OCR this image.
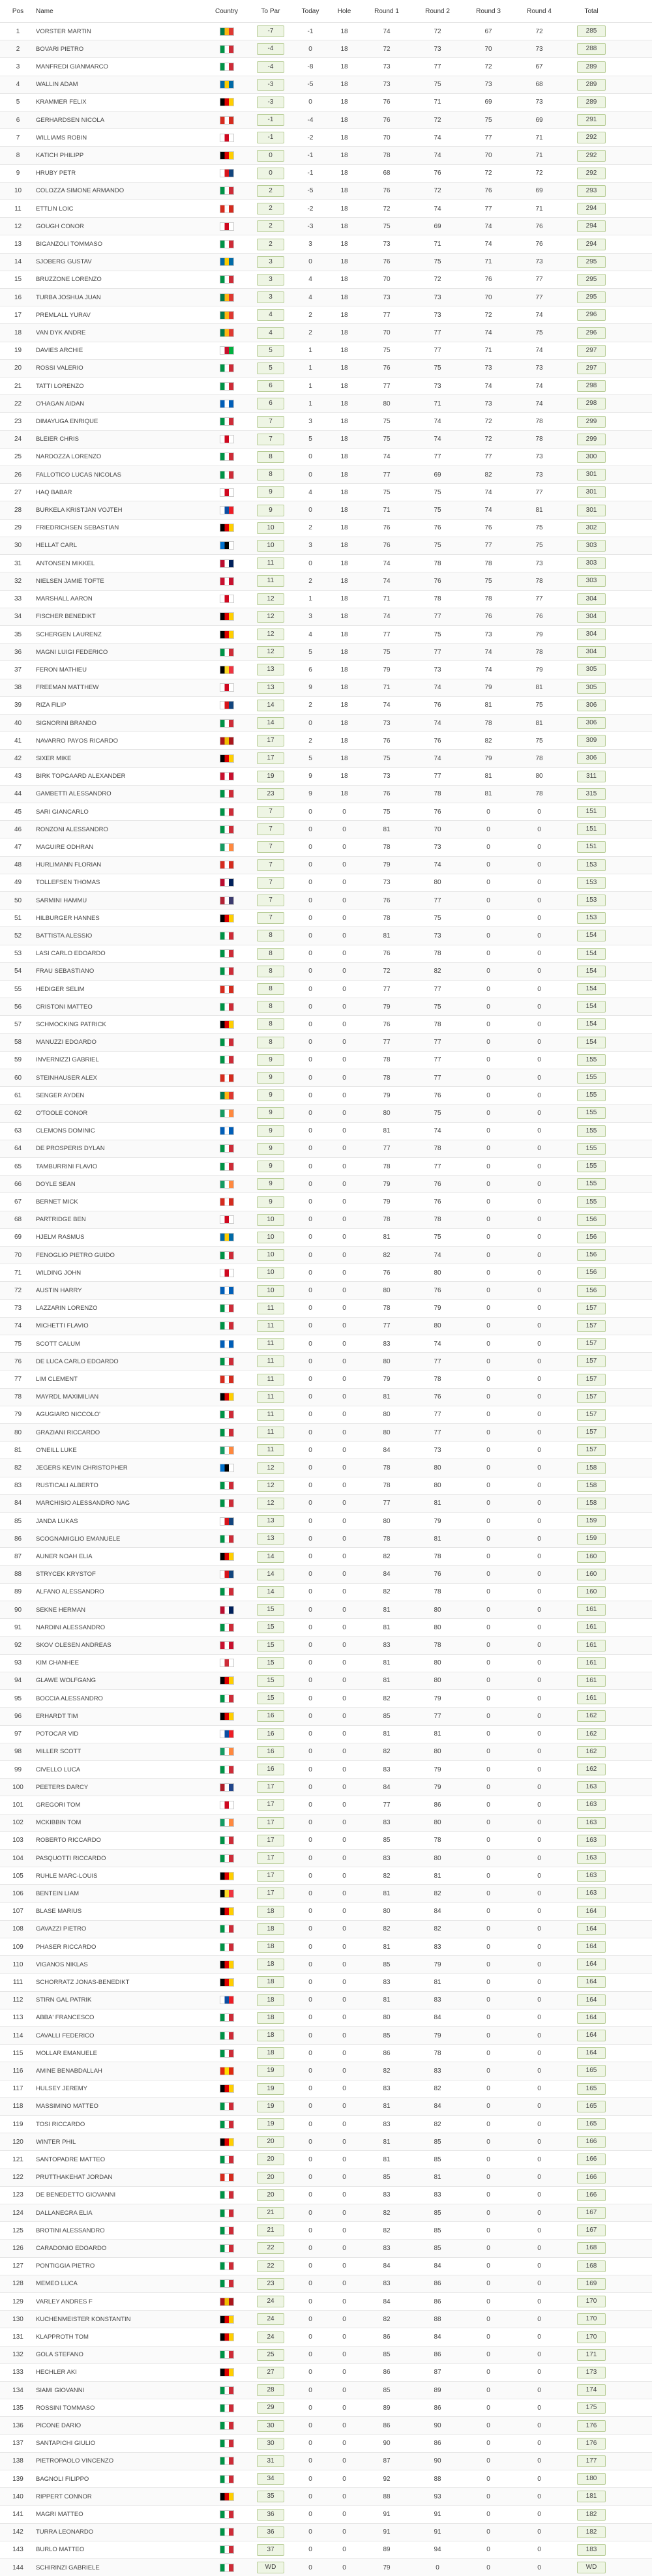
Pos	Name	Country	To Par	Today	Hole	Round 1	Round 2	Round 3	Round 4	Total
1	VORSTER MARTIN	-7	-1	18	74	72	67	72	285
2	BOVARI PIETRO	-4	0	18	72	73	70	73	288
3	MANFREDI GIANMARCO	-4	-8	18	73	77	72	67	289
4	WALLIN ADAM	-3	-5	18	73	75	73	68	289
5	KRAMMER FELIX	-3	0	18	76	71	69	73	289
6	GERHARDSEN NICOLA	-1	-4	18	76	72	75	69	291
7	WILLIAMS ROBIN	-1	-2	18	70	74	77	71	292
8	KATICH PHILIPP	0	-1	18	78	74	70	71	292
9	HRUBY PETR	0	-1	18	68	76	72	72	292
10	COLOZZA SIMONE ARMANDO	2	-5	18	76	72	76	69	293
11	ETTLIN LOIC	2	-2	18	72	74	77	71	294
12	GOUGH CONOR	2	-3	18	75	69	74	76	294
13	BIGANZOLI TOMMASO	2	3	18	73	71	74	76	294
14	SJOBERG GUSTAV	3	0	18	76	75	71	73	295
15	BRUZZONE LORENZO	3	4	18	70	72	76	77	295
16	TURBA JOSHUA JUAN	3	4	18	73	73	70	77	295
17	PREMLALL YURAV	4	2	18	77	73	72	74	296
18	VAN DYK ANDRE	4	2	18	70	77	74	75	296
19	DAVIES ARCHIE	5	1	18	75	77	71	74	297
20	ROSSI VALERIO	5	1	18	76	75	73	73	297
21	TATTI LORENZO	6	1	18	77	73	74	74	298
22	O'HAGAN AIDAN	6	1	18	80	71	73	74	298
23	DIMAYUGA ENRIQUE	7	3	18	75	74	72	78	299
24	BLEIER CHRIS	7	5	18	75	74	72	78	299
25	NARDOZZA LORENZO	8	0	18	74	77	77	73	300
26	FALLOTICO LUCAS NICOLAS	8	0	18	77	69	82	73	301
27	HAQ BABAR	9	4	18	75	75	74	77	301
28	BURKELA KRISTJAN VOJTEH	9	0	18	71	75	74	81	301
29	FRIEDRICHSEN SEBASTIAN	10	2	18	76	76	76	75	302
30	HELLAT CARL	10	3	18	76	75	77	75	303
31	ANTONSEN MIKKEL	11	0	18	74	78	78	73	303
32	NIELSEN JAMIE TOFTE	11	2	18	74	76	75	78	303
33	MARSHALL AARON	12	1	18	71	78	78	77	304
34	FISCHER BENEDIKT	12	3	18	74	77	76	76	304
35	SCHERGEN LAURENZ	12	4	18	77	75	73	79	304
36	MAGNI LUIGI FEDERICO	12	5	18	75	77	74	78	304
37	FERON MATHIEU	13	6	18	79	73	74	79	305
38	FREEMAN MATTHEW	13	9	18	71	74	79	81	305
39	RIZA FILIP	14	2	18	74	76	81	75	306
40	SIGNORINI BRANDO	14	0	18	73	74	78	81	306
41	NAVARRO PAYOS RICARDO	17	2	18	76	76	82	75	309
42	SIXER MIKE	17	5	18	75	74	79	78	306
43	BIRK TOPGAARD ALEXANDER	19	9	18	73	77	81	80	311
44	GAMBETTI ALESSANDRO	23	9	18	76	78	81	78	315
45	SARI GIANCARLO	7	0	0	75	76	0	0	151
46	RONZONI ALESSANDRO	7	0	0	81	70	0	0	151
47	MAGUIRE ODHRAN	7	0	0	78	73	0	0	151
48	HURLIMANN FLORIAN	7	0	0	79	74	0	0	153
49	TOLLEFSEN THOMAS	7	0	0	73	80	0	0	153
50	SARMINI HAMMU	7	0	0	76	77	0	0	153
51	HILBURGER HANNES	7	0	0	78	75	0	0	153
52	BATTISTA ALESSIO	8	0	0	81	73	0	0	154
53	LASI CARLO EDOARDO	8	0	0	76	78	0	0	154
54	FRAU SEBASTIANO	8	0	0	72	82	0	0	154
55	HEDIGER SELIM	8	0	0	77	77	0	0	154
56	CRISTONI MATTEO	8	0	0	79	75	0	0	154
57	SCHMOCKING PATRICK	8	0	0	76	78	0	0	154
58	MANUZZI EDOARDO	8	0	0	77	77	0	0	154
59	INVERNIZZI GABRIEL	9	0	0	78	77	0	0	155
60	STEINHAUSER ALEX	9	0	0	78	77	0	0	155
61	SENGER AYDEN	9	0	0	79	76	0	0	155
62	O'TOOLE CONOR	9	0	0	80	75	0	0	155
63	CLEMONS DOMINIC	9	0	0	81	74	0	0	155
64	DE PROSPERIS DYLAN	9	0	0	77	78	0	0	155
65	TAMBURRINI FLAVIO	9	0	0	78	77	0	0	155
66	DOYLE SEAN	9	0	0	79	76	0	0	155
67	BERNET MICK	9	0	0	79	76	0	0	155
68	PARTRIDGE BEN	10	0	0	78	78	0	0	156
69	HJELM RASMUS	10	0	0	81	75	0	0	156
70	FENOGLIO PIETRO GUIDO	10	0	0	82	74	0	0	156
71	WILDING JOHN	10	0	0	76	80	0	0	156
72	AUSTIN HARRY	10	0	0	80	76	0	0	156
73	LAZZARIN LORENZO	11	0	0	78	79	0	0	157
74	MICHETTI FLAVIO	11	0	0	77	80	0	0	157
75	SCOTT CALUM	11	0	0	83	74	0	0	157
76	DE LUCA CARLO EDOARDO	11	0	0	80	77	0	0	157
77	LIM CLEMENT	11	0	0	79	78	0	0	157
78	MAYRDL MAXIMILIAN	11	0	0	81	76	0	0	157
79	AGUGIARO NICCOLO'	11	0	0	80	77	0	0	157
80	GRAZIANI RICCARDO	11	0	0	80	77	0	0	157
81	O'NEILL LUKE	11	0	0	84	73	0	0	157
82	JEGERS KEVIN CHRISTOPHER	12	0	0	78	80	0	0	158
83	RUSTICALI ALBERTO	12	0	0	78	80	0	0	158
84	MARCHISIO ALESSANDRO NAG	12	0	0	77	81	0	0	158
85	JANDA LUKAS	13	0	0	80	79	0	0	159
86	SCOGNAMIGLIO EMANUELE	13	0	0	78	81	0	0	159
87	AUNER NOAH ELIA	14	0	0	82	78	0	0	160
88	STRYCEK KRYSTOF	14	0	0	84	76	0	0	160
89	ALFANO ALESSANDRO	14	0	0	82	78	0	0	160
90	SEKNE HERMAN	15	0	0	81	80	0	0	161
91	NARDINI ALESSANDRO	15	0	0	81	80	0	0	161
92	SKOV OLESEN ANDREAS	15	0	0	83	78	0	0	161
93	KIM CHANHEE	15	0	0	81	80	0	0	161
94	GLAWE WOLFGANG	15	0	0	81	80	0	0	161
95	BOCCIA ALESSANDRO	15	0	0	82	79	0	0	161
96	ERHARDT TIM	16	0	0	85	77	0	0	162
97	POTOCAR VID	16	0	0	81	81	0	0	162
98	MILLER SCOTT	16	0	0	82	80	0	0	162
99	CIVELLO LUCA	16	0	0	83	79	0	0	162
100	PEETERS DARCY	17	0	0	84	79	0	0	163
101	GREGORI TOM	17	0	0	77	86	0	0	163
102	MCKIBBIN TOM	17	0	0	83	80	0	0	163
103	ROBERTO RICCARDO	17	0	0	85	78	0	0	163
104	PASQUOTTI RICCARDO	17	0	0	83	80	0	0	163
105	RUHLE MARC-LOUIS	17	0	0	82	81	0	0	163
106	BENTEIN LIAM	17	0	0	81	82	0	0	163
107	BLASE MARIUS	18	0	0	80	84	0	0	164
108	GAVAZZI PIETRO	18	0	0	82	82	0	0	164
109	PHASER RICCARDO	18	0	0	81	83	0	0	164
110	VIGANOS NIKLAS	18	0	0	85	79	0	0	164
111	SCHORRATZ JONAS-BENEDIKT	18	0	0	83	81	0	0	164
112	STIRN GAL PATRIK	18	0	0	81	83	0	0	164
113	ABBA' FRANCESCO	18	0	0	80	84	0	0	164
114	CAVALLI FEDERICO	18	0	0	85	79	0	0	164
115	MOLLAR EMANUELE	18	0	0	86	78	0	0	164
116	AMINE BENABDALLAH	19	0	0	82	83	0	0	165
117	HULSEY JEREMY	19	0	0	83	82	0	0	165
118	MASSIMINO MATTEO	19	0	0	81	84	0	0	165
119	TOSI RICCARDO	19	0	0	83	82	0	0	165
120	WINTER PHIL	20	0	0	81	85	0	0	166
121	SANTOPADRE MATTEO	20	0	0	81	85	0	0	166
122	PRUTTHAKEHAT JORDAN	20	0	0	85	81	0	0	166
123	DE BENEDETTO GIOVANNI	20	0	0	83	83	0	0	166
124	DALLANEGRA ELIA	21	0	0	82	85	0	0	167
125	BROTINI ALESSANDRO	21	0	0	82	85	0	0	167
126	CARADONIO EDOARDO	22	0	0	83	85	0	0	168
127	PONTIGGIA PIETRO	22	0	0	84	84	0	0	168
128	MEMEO LUCA	23	0	0	83	86	0	0	169
129	VARLEY ANDRES F	24	0	0	84	86	0	0	170
130	KUCHENMEISTER KONSTANTIN	24	0	0	82	88	0	0	170
131	KLAPPROTH TOM	24	0	0	86	84	0	0	170
132	GOLA STEFANO	25	0	0	85	86	0	0	171
133	HECHLER AKI	27	0	0	86	87	0	0	173
134	SIAMI GIOVANNI	28	0	0	85	89	0	0	174
135	ROSSINI TOMMASO	29	0	0	89	86	0	0	175
136	PICONE DARIO	30	0	0	86	90	0	0	176
137	SANTAPICHI GIULIO	30	0	0	90	86	0	0	176
138	PIETROPAOLO VINCENZO	31	0	0	87	90	0	0	177
139	BAGNOLI FILIPPO	34	0	0	92	88	0	0	180
140	RIPPERT CONNOR	35	0	0	88	93	0	0	181
141	MAGRI MATTEO	36	0	0	91	91	0	0	182
142	TURRA LEONARDO	36	0	0	91	91	0	0	182
143	BURLO MATTEO	37	0	0	89	94	0	0	183
144	SCHIRINZI GABRIELE	WD	0	0	79	0	0	0	WD
